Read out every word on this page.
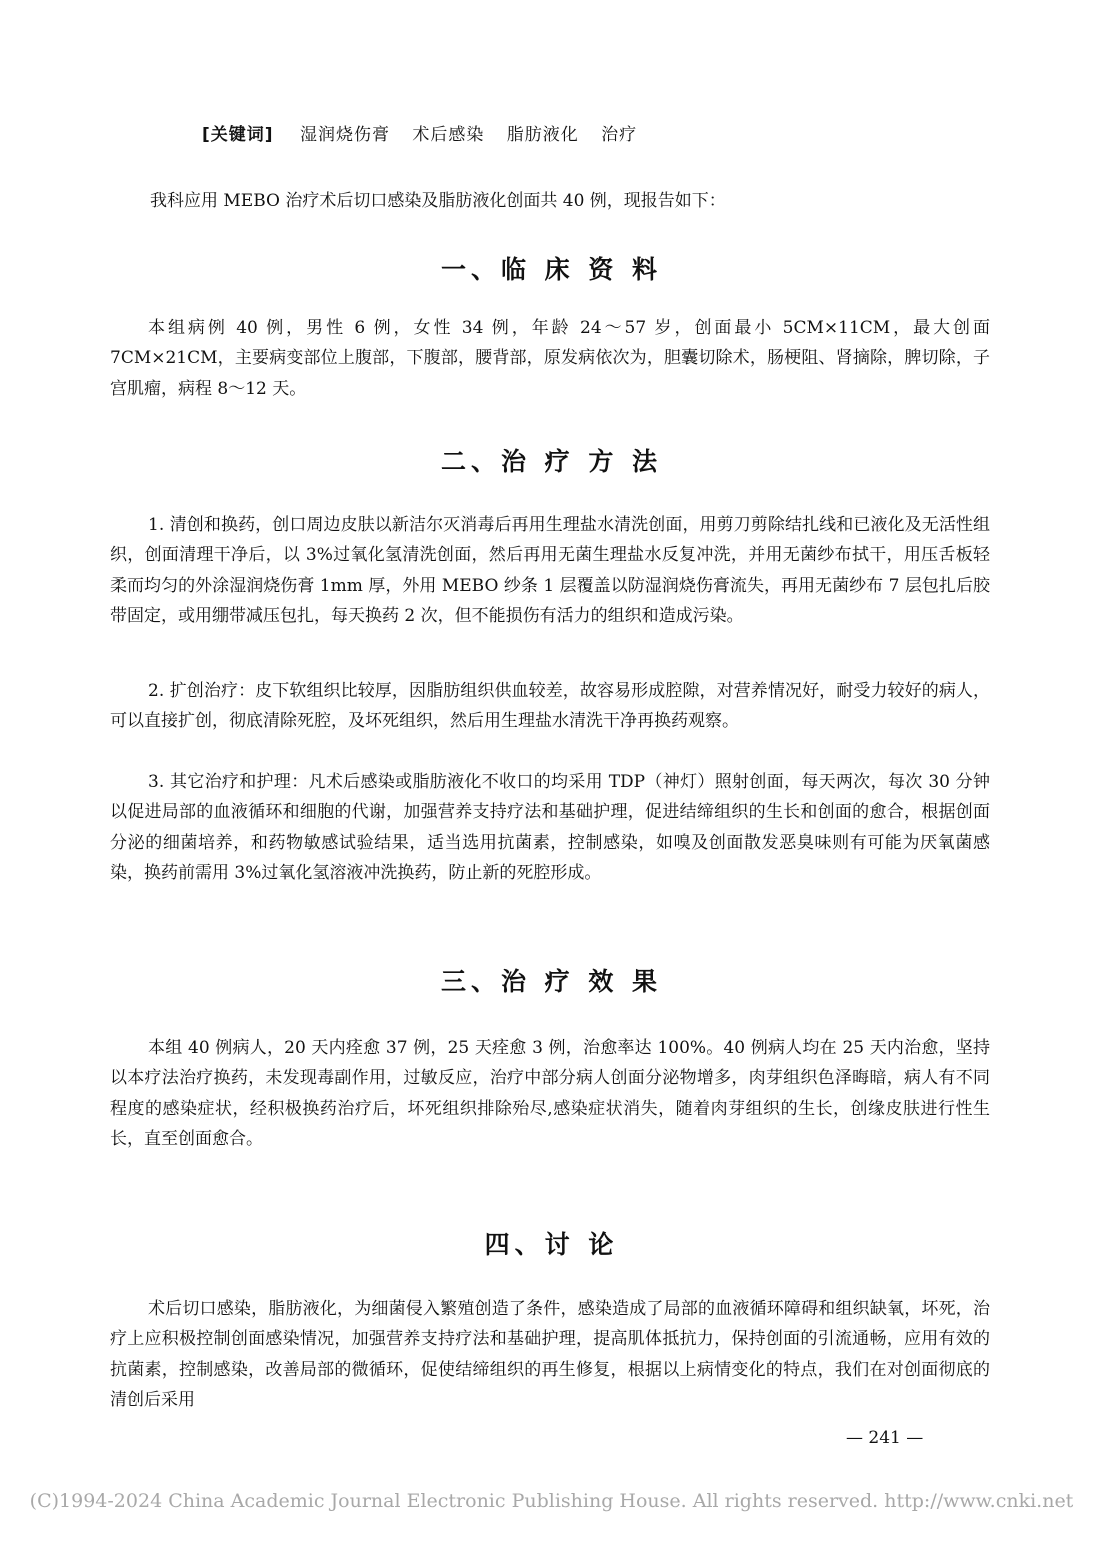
[关键词] 湿润烧伤膏 术后感染 脂肪液化 治疗
我科应用 MEBO 治疗术后切口感染及脂肪液化创面共 40 例，现报告如下：
一、临 床 资 料

本组病例 40 例，男性 6 例，女性 34 例，年龄 24～57 岁，创面最小 5CM×11CM，最大创面 7CM×21CM，主要病变部位上腹部，下腹部，腰背部，原发病依次为，胆囊切除术，肠梗阻、肾摘除，脾切除，子宫肌瘤，病程 8～12 天。

二、治 疗 方 法

1. 清创和换药，创口周边皮肤以新洁尔灭消毒后再用生理盐水清洗创面，用剪刀剪除结扎线和已液化及无活性组织，创面清理干净后，以 3%过氧化氢清洗创面，然后再用无菌生理盐水反复冲洗，并用无菌纱布拭干，用压舌板轻柔而均匀的外涂湿润烧伤膏 1mm 厚，外用 MEBO 纱条 1 层覆盖以防湿润烧伤膏流失，再用无菌纱布 7 层包扎后胶带固定，或用绷带减压包扎，每天换药 2 次，但不能损伤有活力的组织和造成污染。

2. 扩创治疗：皮下软组织比较厚，因脂肪组织供血较差，故容易形成腔隙，对营养情况好，耐受力较好的病人，可以直接扩创，彻底清除死腔，及坏死组织，然后用生理盐水清洗干净再换药观察。

3. 其它治疗和护理：凡术后感染或脂肪液化不收口的均采用 TDP（神灯）照射创面，每天两次，每次 30 分钟以促进局部的血液循环和细胞的代谢，加强营养支持疗法和基础护理，促进结缔组织的生长和创面的愈合，根据创面分泌的细菌培养，和药物敏感试验结果，适当选用抗菌素，控制感染，如嗅及创面散发恶臭味则有可能为厌氧菌感染，换药前需用 3%过氧化氢溶液冲洗换药，防止新的死腔形成。

三、治 疗 效 果

本组 40 例病人，20 天内痊愈 37 例，25 天痊愈 3 例，治愈率达 100%。40 例病人均在 25 天内治愈，坚持以本疗法治疗换药，未发现毒副作用，过敏反应，治疗中部分病人创面分泌物增多，肉芽组织色泽晦暗，病人有不同程度的感染症状，经积极换药治疗后，坏死组织排除殆尽,感染症状消失，随着肉芽组织的生长，创缘皮肤进行性生长，直至创面愈合。

四、讨 论

术后切口感染，脂肪液化，为细菌侵入繁殖创造了条件，感染造成了局部的血液循环障碍和组织缺氧，坏死，治疗上应积极控制创面感染情况，加强营养支持疗法和基础护理，提高肌体抵抗力，保持创面的引流通畅，应用有效的抗菌素，控制感染，改善局部的微循环，促使结缔组织的再生修复，根据以上病情变化的特点，我们在对创面彻底的清创后采用

— 241 —
(C)1994-2024 China Academic Journal Electronic Publishing House. All rights reserved. http://www.cnki.net
